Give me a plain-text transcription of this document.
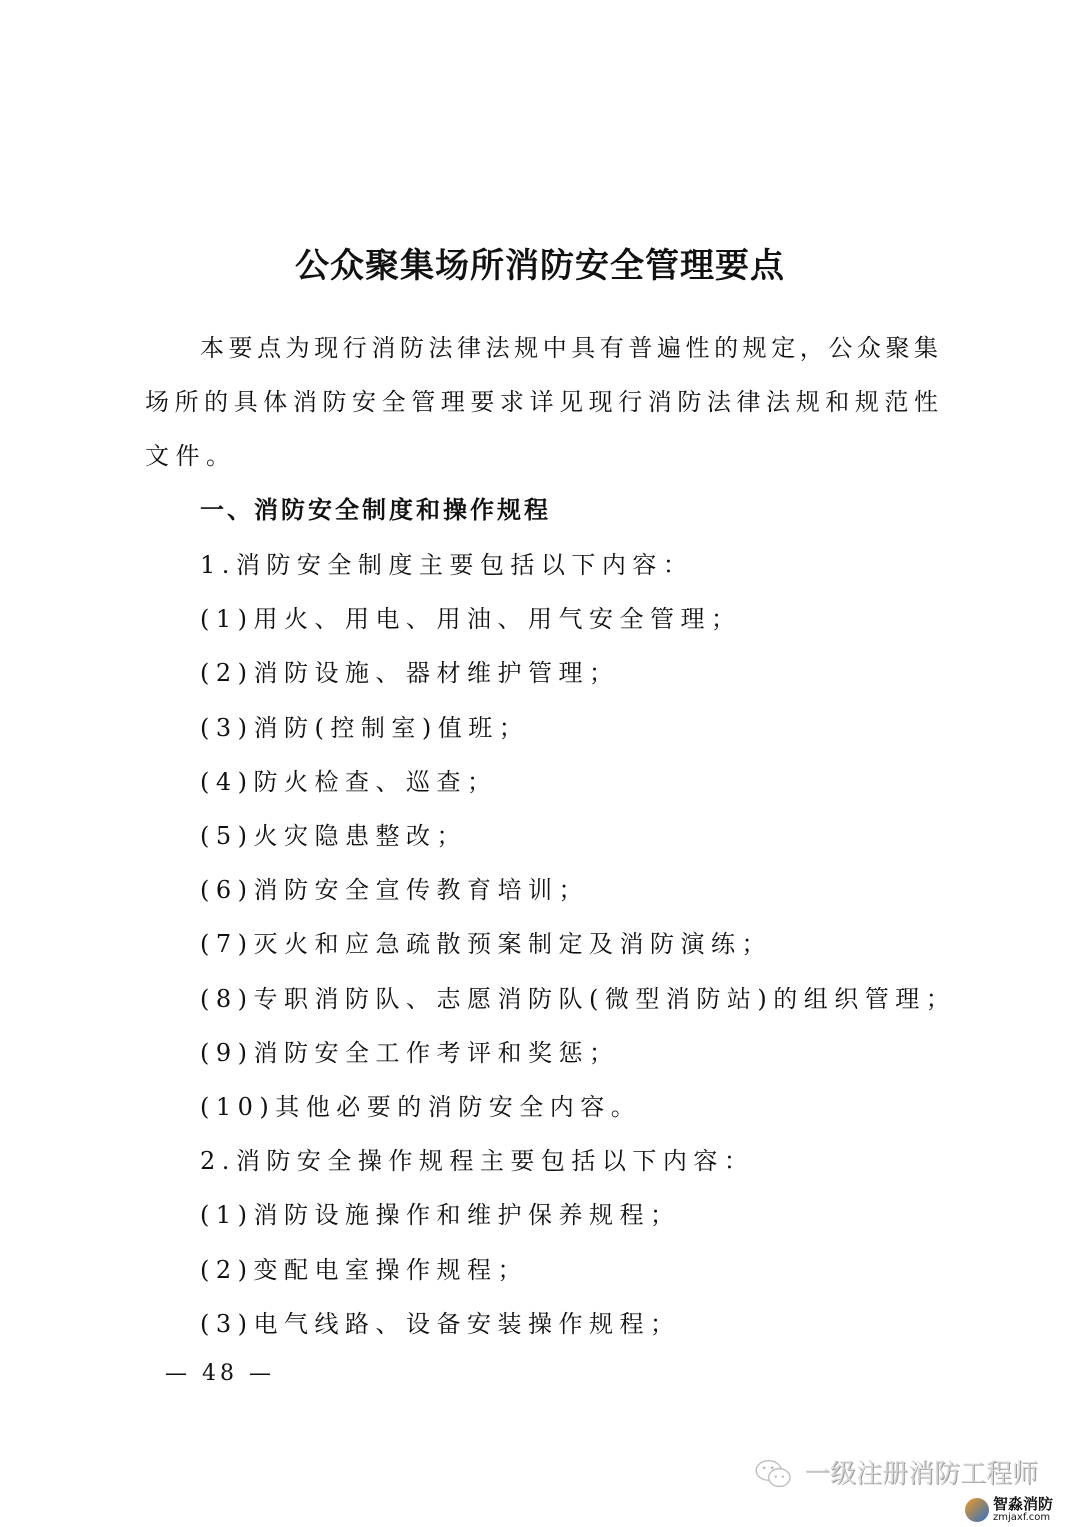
公众聚集场所消防安全管理要点
本要点为现行消防法律法规中具有普遍性的规定，公众聚集
场所的具体消防安全管理要求详见现行消防法律法规和规范性
文件。
一、消防安全制度和操作规程
1.消防安全制度主要包括以下内容：
(1)用火、用电、用油、用气安全管理；
(2)消防设施、器材维护管理；
(3)消防(控制室)值班；
(4)防火检查、巡查；
(5)火灾隐患整改；
(6)消防安全宣传教育培训；
(7)灭火和应急疏散预案制定及消防演练；
(8)专职消防队、志愿消防队(微型消防站)的组织管理；
(9)消防安全工作考评和奖惩；
(10)其他必要的消防安全内容。
2.消防安全操作规程主要包括以下内容：
(1)消防设施操作和维护保养规程；
(2)变配电室操作规程；
(3)电气线路、设备安装操作规程；
— 48 —
一级注册消防工程师
智淼消防
zmjaxf.com
